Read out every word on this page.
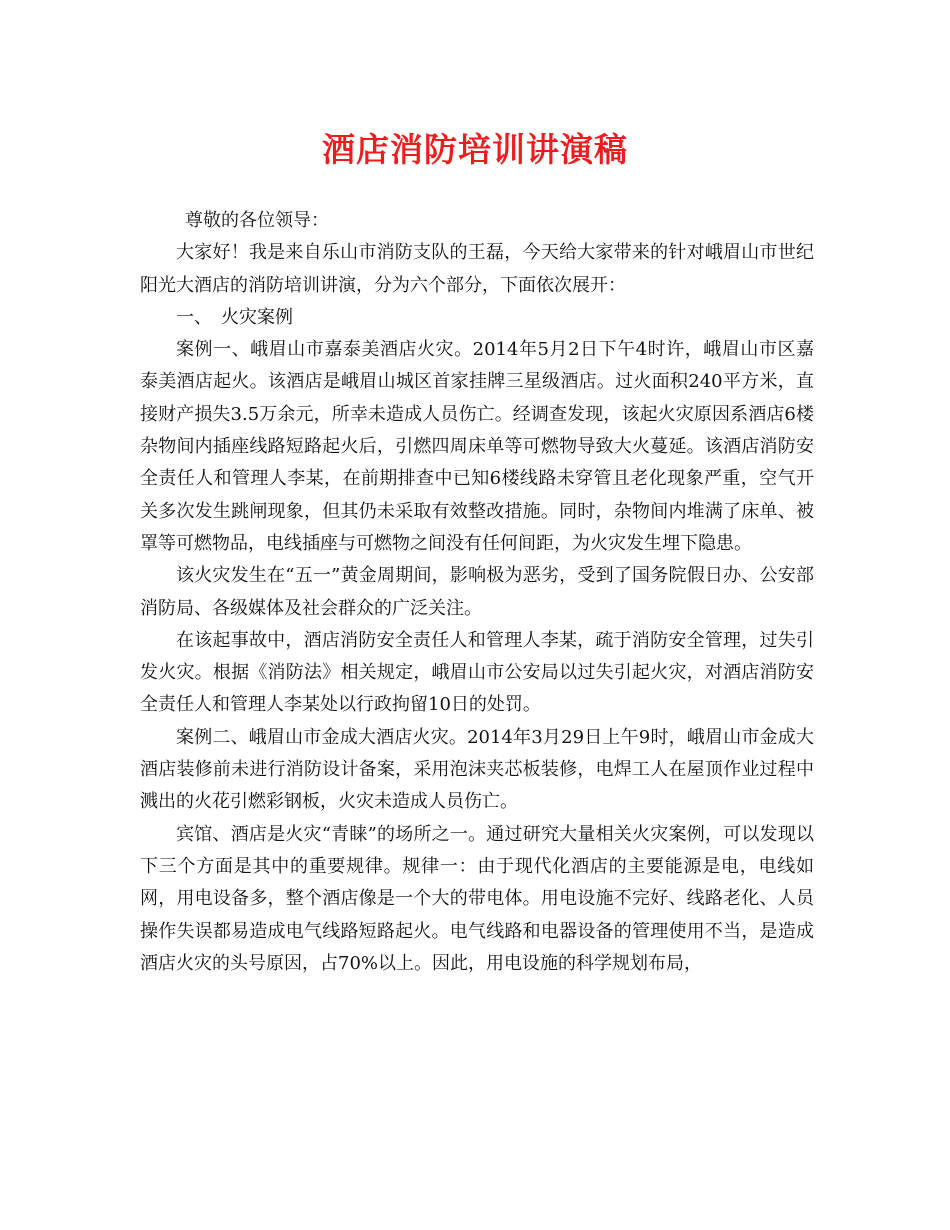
酒店消防培训讲演稿

尊敬的各位领导：

大家好！我是来自乐山市消防支队的王磊，今天给大家带来的针对峨眉山市世纪阳光大酒店的消防培训讲演，分为六个部分，下面依次展开：

一、　火灾案例

案例一、峨眉山市嘉泰美酒店火灾。2014年5月2日下午4时许，峨眉山市区嘉泰美酒店起火。该酒店是峨眉山城区首家挂牌三星级酒店。过火面积240平方米，直接财产损失3.5万余元，所幸未造成人员伤亡。经调查发现，该起火灾原因系酒店6楼杂物间内插座线路短路起火后，引燃四周床单等可燃物导致大火蔓延。该酒店消防安全责任人和管理人李某，在前期排查中已知6楼线路未穿管且老化现象严重，空气开关多次发生跳闸现象，但其仍未采取有效整改措施。同时，杂物间内堆满了床单、被罩等可燃物品，电线插座与可燃物之间没有任何间距，为火灾发生埋下隐患。

该火灾发生在“五一”黄金周期间，影响极为恶劣，受到了国务院假日办、公安部消防局、各级媒体及社会群众的广泛关注。

在该起事故中，酒店消防安全责任人和管理人李某，疏于消防安全管理，过失引发火灾。根据《消防法》相关规定，峨眉山市公安局以过失引起火灾，对酒店消防安全责任人和管理人李某处以行政拘留10日的处罚。

案例二、峨眉山市金成大酒店火灾。2014年3月29日上午9时，峨眉山市金成大酒店装修前未进行消防设计备案，采用泡沫夹芯板装修，电焊工人在屋顶作业过程中溅出的火花引燃彩钢板，火灾未造成人员伤亡。

宾馆、酒店是火灾“青睐”的场所之一。通过研究大量相关火灾案例，可以发现以下三个方面是其中的重要规律。规律一：由于现代化酒店的主要能源是电，电线如网，用电设备多，整个酒店像是一个大的带电体。用电设施不完好、线路老化、人员操作失误都易造成电气线路短路起火。电气线路和电器设备的管理使用不当，是造成酒店火灾的头号原因，占70%以上。因此，用电设施的科学规划布局，
